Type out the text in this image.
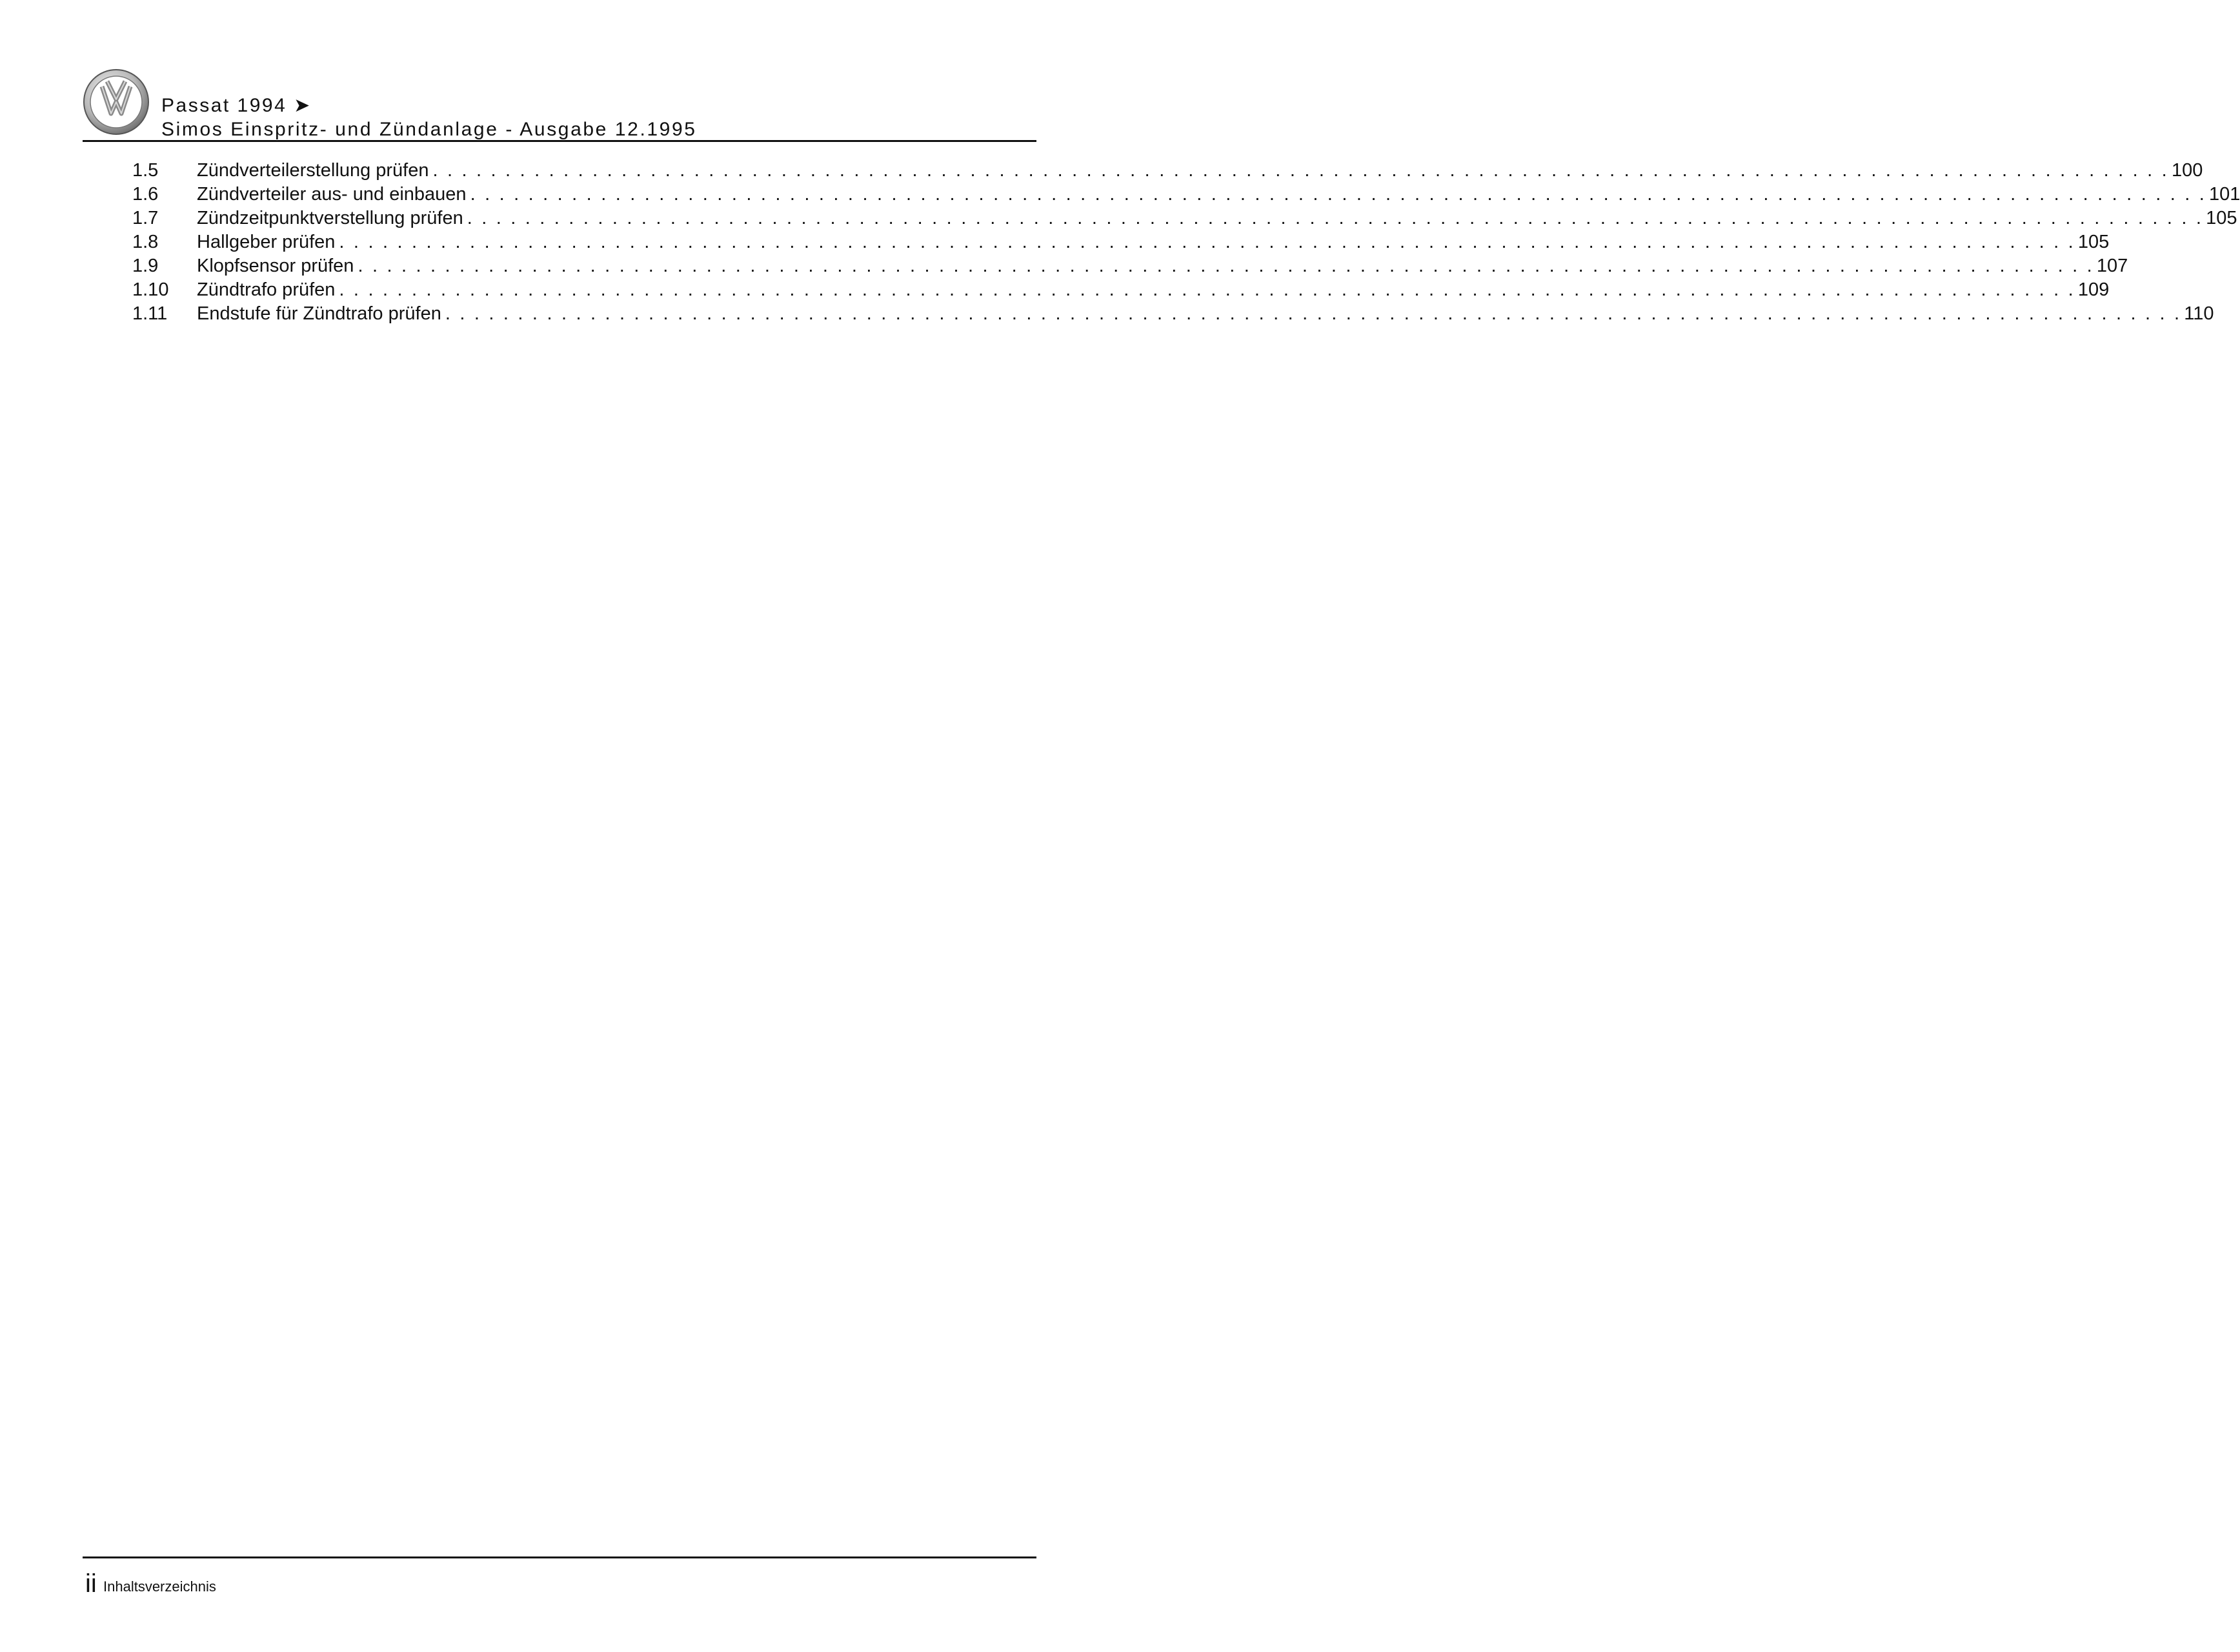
Passat 1994 ➤
Simos Einspritz- und Zündanlage - Ausgabe 12.1995
1.5	Zündverteilerstellung prüfen . . . . . . . . . . . . . . . . . . . . . . . . . . . . . . . . . . . . . . . . . . . . . . . . . . . . . . . . . . . . . . . . . . . . . . . . . . . . . . . . . . . . . . . . . . . . . . . . . . . . . . . . . . . . . . . . . . . . . . . . 100
1.6	Zündverteiler aus- und einbauen . . . . . . . . . . . . . . . . . . . . . . . . . . . . . . . . . . . . . . . . . . . . . . . . . . . . . . . . . . . . . . . . . . . . . . . . . . . . . . . . . . . . . . . . . . . . . . . . . . . . . . . . . . . . . . . . . . . . . . . . 101
1.7	Zündzeitpunktverstellung prüfen . . . . . . . . . . . . . . . . . . . . . . . . . . . . . . . . . . . . . . . . . . . . . . . . . . . . . . . . . . . . . . . . . . . . . . . . . . . . . . . . . . . . . . . . . . . . . . . . . . . . . . . . . . . . . . . . . . . . . . . . 105
1.8	Hallgeber prüfen . . . . . . . . . . . . . . . . . . . . . . . . . . . . . . . . . . . . . . . . . . . . . . . . . . . . . . . . . . . . . . . . . . . . . . . . . . . . . . . . . . . . . . . . . . . . . . . . . . . . . . . . . . . . . . . . . . . . . . . . 105
1.9	Klopfsensor prüfen . . . . . . . . . . . . . . . . . . . . . . . . . . . . . . . . . . . . . . . . . . . . . . . . . . . . . . . . . . . . . . . . . . . . . . . . . . . . . . . . . . . . . . . . . . . . . . . . . . . . . . . . . . . . . . . . . . . . . . . . 107
1.10	Zündtrafo prüfen . . . . . . . . . . . . . . . . . . . . . . . . . . . . . . . . . . . . . . . . . . . . . . . . . . . . . . . . . . . . . . . . . . . . . . . . . . . . . . . . . . . . . . . . . . . . . . . . . . . . . . . . . . . . . . . . . . . . . . . . 109
1.11	Endstufe für Zündtrafo prüfen . . . . . . . . . . . . . . . . . . . . . . . . . . . . . . . . . . . . . . . . . . . . . . . . . . . . . . . . . . . . . . . . . . . . . . . . . . . . . . . . . . . . . . . . . . . . . . . . . . . . . . . . . . . . . . . . . . . . . . . . 110
ii Inhaltsverzeichnis
